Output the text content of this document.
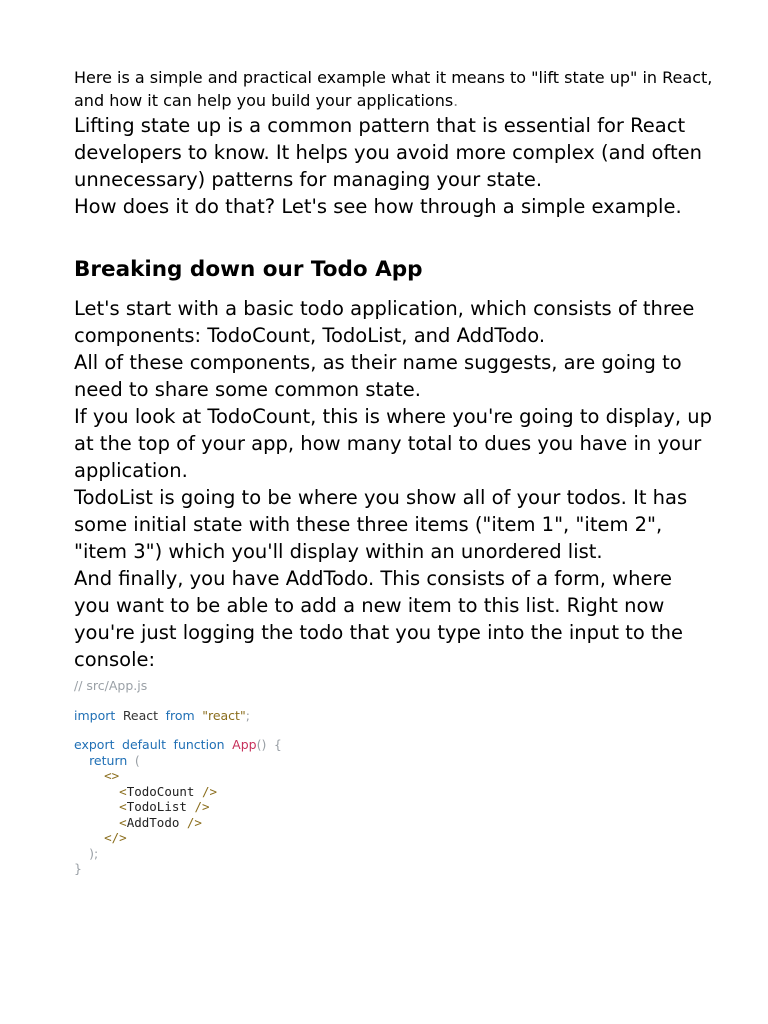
Here is a simple and practical example what it means to "lift state up" in React, and how it can help you build your applications.

Lifting state up is a common pattern that is essential for React developers to know. It helps you avoid more complex (and often unnecessary) patterns for managing your state.

How does it do that? Let's see how through a simple example.

Breaking down our Todo App

Let's start with a basic todo application, which consists of three components: TodoCount, TodoList, and AddTodo.

All of these components, as their name suggests, are going to need to share some common state.

If you look at TodoCount, this is where you're going to display, up at the top of your app, how many total to dues you have in your application.

TodoList is going to be where you show all of your todos. It has some initial state with these three items ("item 1", "item 2", "item 3") which you'll display within an unordered list.

And finally, you have AddTodo. This consists of a form, where you want to be able to add a new item to this list. Right now you're just logging the todo that you type into the input to the console:

// src/App.js
import React from "react";
export default function App() {
return (
<>
<TodoCount />
<TodoList />
<AddTodo />
</>
);
}
